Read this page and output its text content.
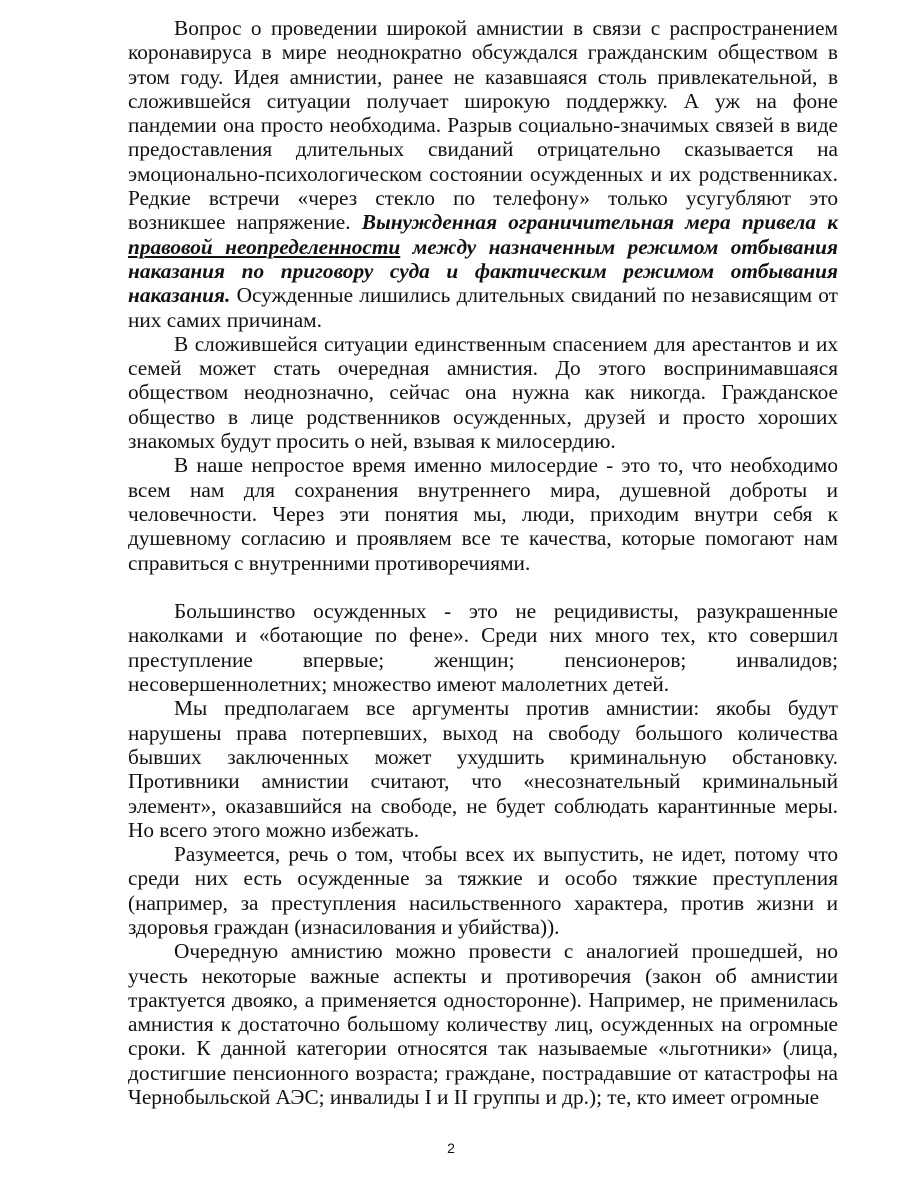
Вопрос о проведении широкой амнистии в связи с распространением коронавируса в мире неоднократно обсуждался гражданским обществом в этом году. Идея амнистии, ранее не казавшаяся столь привлекательной, в сложившейся ситуации получает широкую поддержку. А уж на фоне пандемии она просто необходима. Разрыв социально-значимых связей в виде предоставления длительных свиданий отрицательно сказывается на эмоционально-психологическом состоянии осужденных и их родственниках. Редкие встречи «через стекло по телефону» только усугубляют это возникшее напряжение. Вынужденная ограничительная мера привела к правовой неопределенности между назначенным режимом отбывания наказания по приговору суда и фактическим режимом отбывания наказания. Осужденные лишились длительных свиданий по независящим от них самих причинам.

В сложившейся ситуации единственным спасением для арестантов и их семей может стать очередная амнистия. До этого воспринимавшаяся обществом неоднозначно, сейчас она нужна как никогда. Гражданское общество в лице родственников осужденных, друзей и просто хороших знакомых будут просить о ней, взывая к милосердию.

В наше непростое время именно милосердие - это то, что необходимо всем нам для сохранения внутреннего мира, душевной доброты и человечности. Через эти понятия мы, люди, приходим внутри себя к душевному согласию и проявляем все те качества, которые помогают нам справиться с внутренними противоречиями.

Большинство осужденных - это не рецидивисты, разукрашенные наколками и «ботающие по фене». Среди них много тех, кто совершил преступление впервые; женщин; пенсионеров; инвалидов; несовершеннолетних; множество имеют малолетних детей.

Мы предполагаем все аргументы против амнистии: якобы будут нарушены права потерпевших, выход на свободу большого количества бывших заключенных может ухудшить криминальную обстановку. Противники амнистии считают, что «несознательный криминальный элемент», оказавшийся на свободе, не будет соблюдать карантинные меры. Но всего этого можно избежать.

Разумеется, речь о том, чтобы всех их выпустить, не идет, потому что среди них есть осужденные за тяжкие и особо тяжкие преступления (например, за преступления насильственного характера, против жизни и здоровья граждан (изнасилования и убийства)).

Очередную амнистию можно провести с аналогией прошедшей, но учесть некоторые важные аспекты и противоречия (закон об амнистии трактуется двояко, а применяется односторонне). Например, не применилась амнистия к достаточно большому количеству лиц, осужденных на огромные сроки. К данной категории относятся так называемые «льготники» (лица, достигшие пенсионного возраста; граждане, пострадавшие от катастрофы на Чернобыльской АЭС; инвалиды I и II группы и др.); те, кто имеет огромные

2
